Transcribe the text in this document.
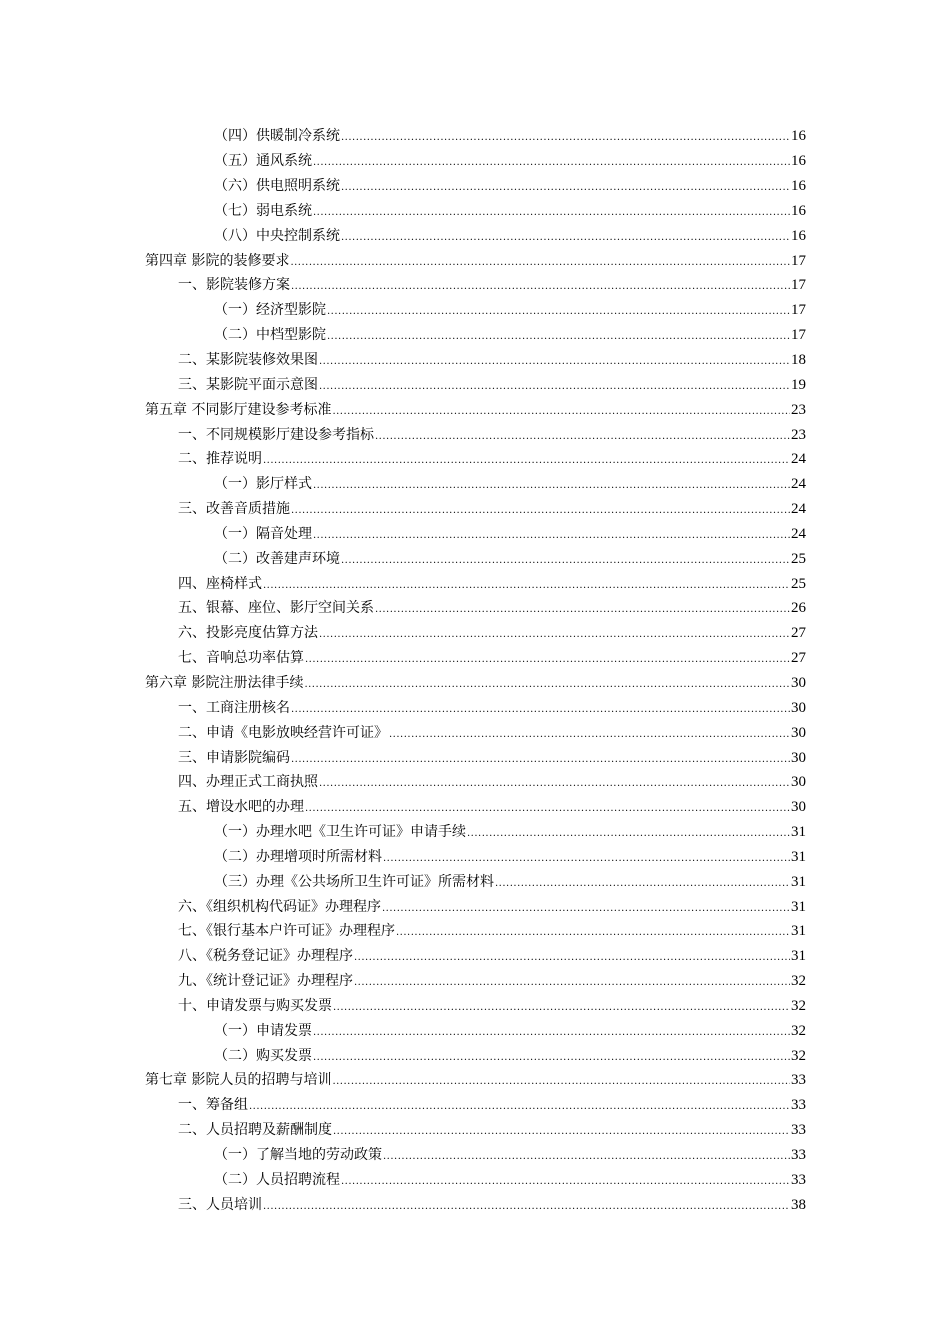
（四）供暖制冷系统 .....	16
（五）通风系统 .....	16
（六）供电照明系统 .....	16
（七）弱电系统 .....	16
（八）中央控制系统 .....	16
第四章 影院的装修要求 .....	17
一、影院装修方案 .....	17
（一）经济型影院 .....	17
（二）中档型影院 .....	17
二、某影院装修效果图 .....	18
三、某影院平面示意图 .....	19
第五章 不同影厅建设参考标准 .....	23
一、不同规模影厅建设参考指标 .....	23
二、推荐说明 .....	24
（一）影厅样式 .....	24
三、改善音质措施 .....	24
（一）隔音处理 .....	24
（二）改善建声环境 .....	25
四、座椅样式 .....	25
五、银幕、座位、影厅空间关系 .....	26
六、投影亮度估算方法 .....	27
七、音响总功率估算 .....	27
第六章 影院注册法律手续 .....	30
一、工商注册核名 .....	30
二、申请《电影放映经营许可证》 .....	30
三、申请影院编码 .....	30
四、办理正式工商执照 .....	30
五、增设水吧的办理 .....	30
（一）办理水吧《卫生许可证》申请手续 .....	31
（二）办理增项时所需材料 .....	31
（三）办理《公共场所卫生许可证》所需材料 .....	31
六、《组织机构代码证》办理程序 .....	31
七、《银行基本户许可证》办理程序 .....	31
八、《税务登记证》办理程序 .....	31
九、《统计登记证》办理程序 .....	32
十、申请发票与购买发票 .....	32
（一）申请发票 .....	32
（二）购买发票 .....	32
第七章 影院人员的招聘与培训 .....	33
一、筹备组 .....	33
二、人员招聘及薪酬制度 .....	33
（一）了解当地的劳动政策 .....	33
（二）人员招聘流程 .....	33
三、人员培训 .....	38
